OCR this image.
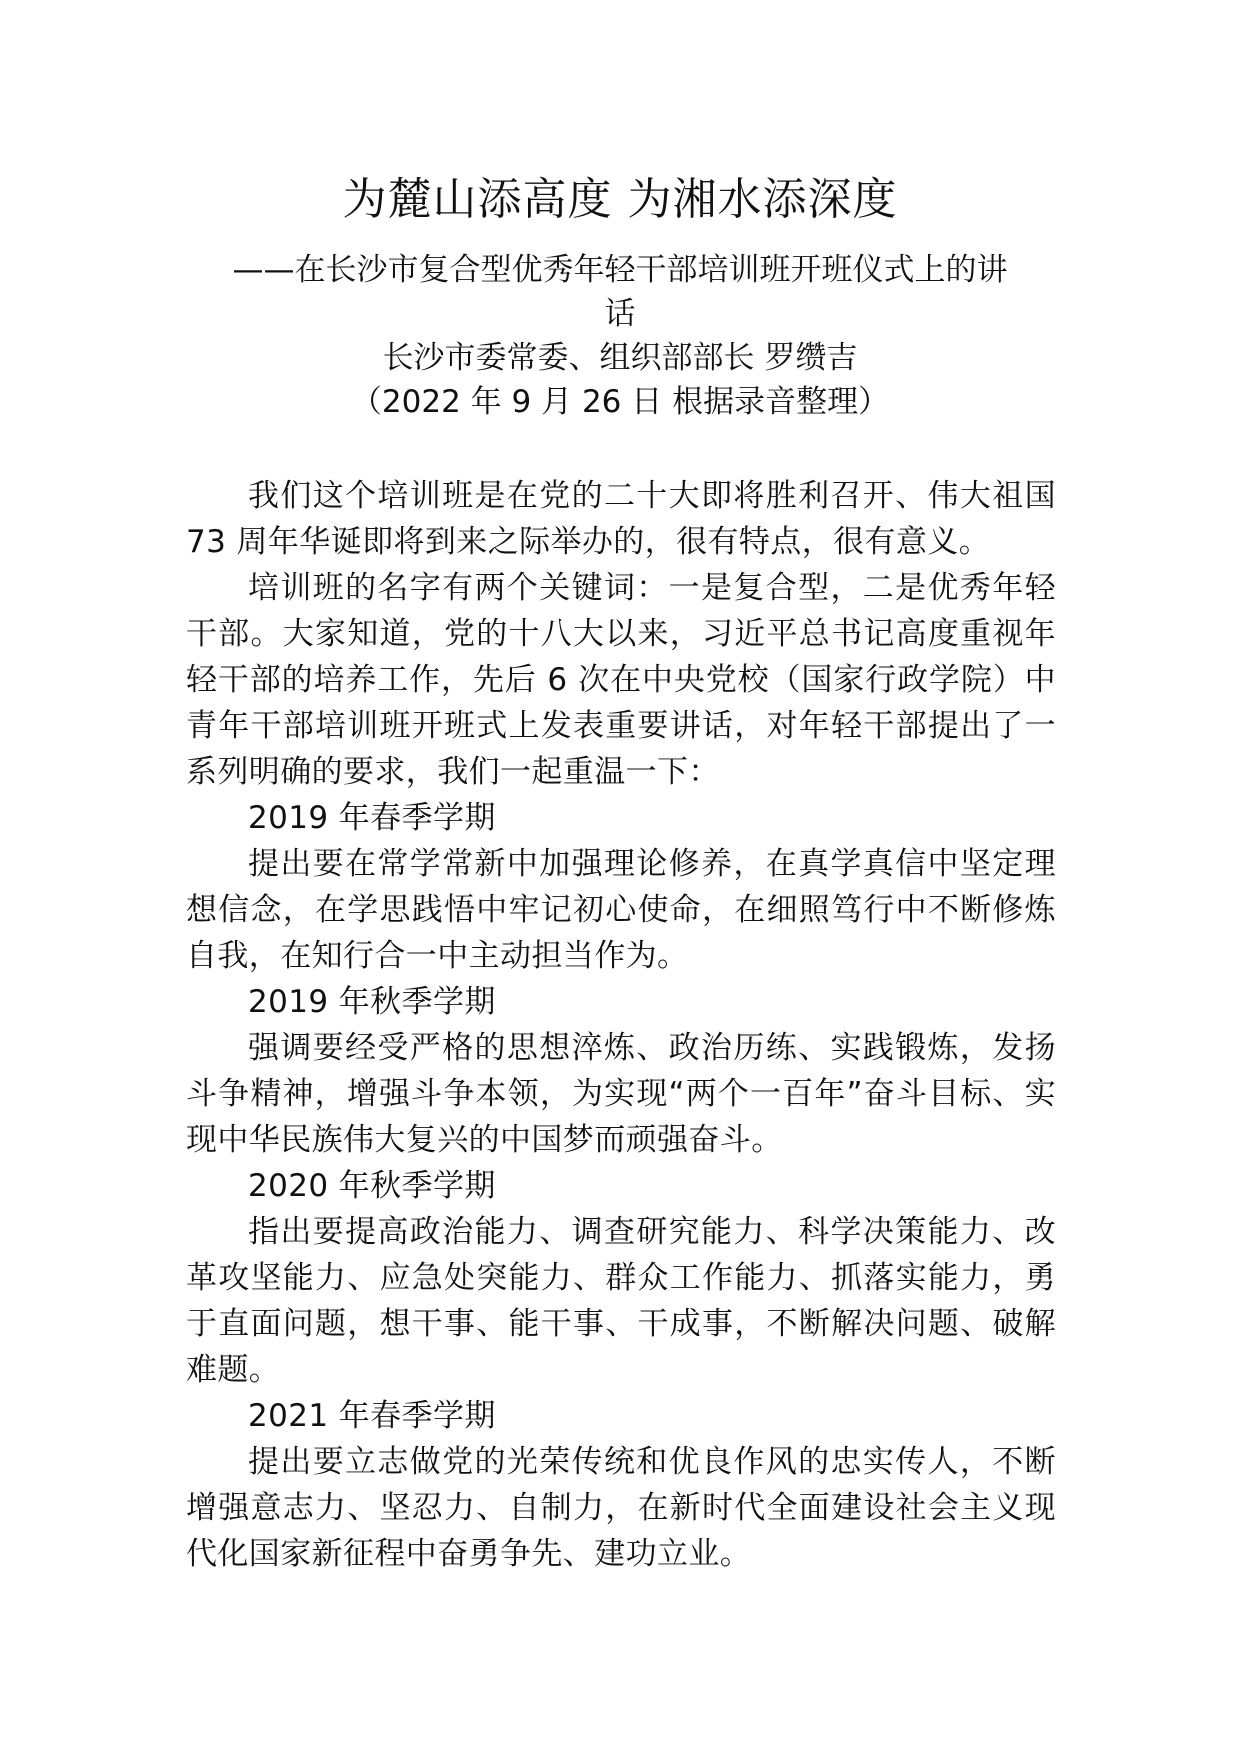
为麓山添高度 为湘水添深度
——在长沙市复合型优秀年轻干部培训班开班仪式上的讲
话
长沙市委常委、组织部部长 罗缵吉
（2022 年 9 月 26 日 根据录音整理）

我们这个培训班是在党的二十大即将胜利召开、伟大祖国 73 周年华诞即将到来之际举办的，很有特点，很有意义。

培训班的名字有两个关键词：一是复合型，二是优秀年轻干部。大家知道，党的十八大以来，习近平总书记高度重视年轻干部的培养工作，先后 6 次在中央党校（国家行政学院）中青年干部培训班开班式上发表重要讲话，对年轻干部提出了一系列明确的要求，我们一起重温一下：

2019 年春季学期

提出要在常学常新中加强理论修养，在真学真信中坚定理想信念，在学思践悟中牢记初心使命，在细照笃行中不断修炼自我，在知行合一中主动担当作为。

2019 年秋季学期

强调要经受严格的思想淬炼、政治历练、实践锻炼，发扬斗争精神，增强斗争本领，为实现“两个一百年”奋斗目标、实现中华民族伟大复兴的中国梦而顽强奋斗。

2020 年秋季学期

指出要提高政治能力、调查研究能力、科学决策能力、改革攻坚能力、应急处突能力、群众工作能力、抓落实能力，勇于直面问题，想干事、能干事、干成事，不断解决问题、破解难题。

2021 年春季学期

提出要立志做党的光荣传统和优良作风的忠实传人，不断增强意志力、坚忍力、自制力，在新时代全面建设社会主义现代化国家新征程中奋勇争先、建功立业。
